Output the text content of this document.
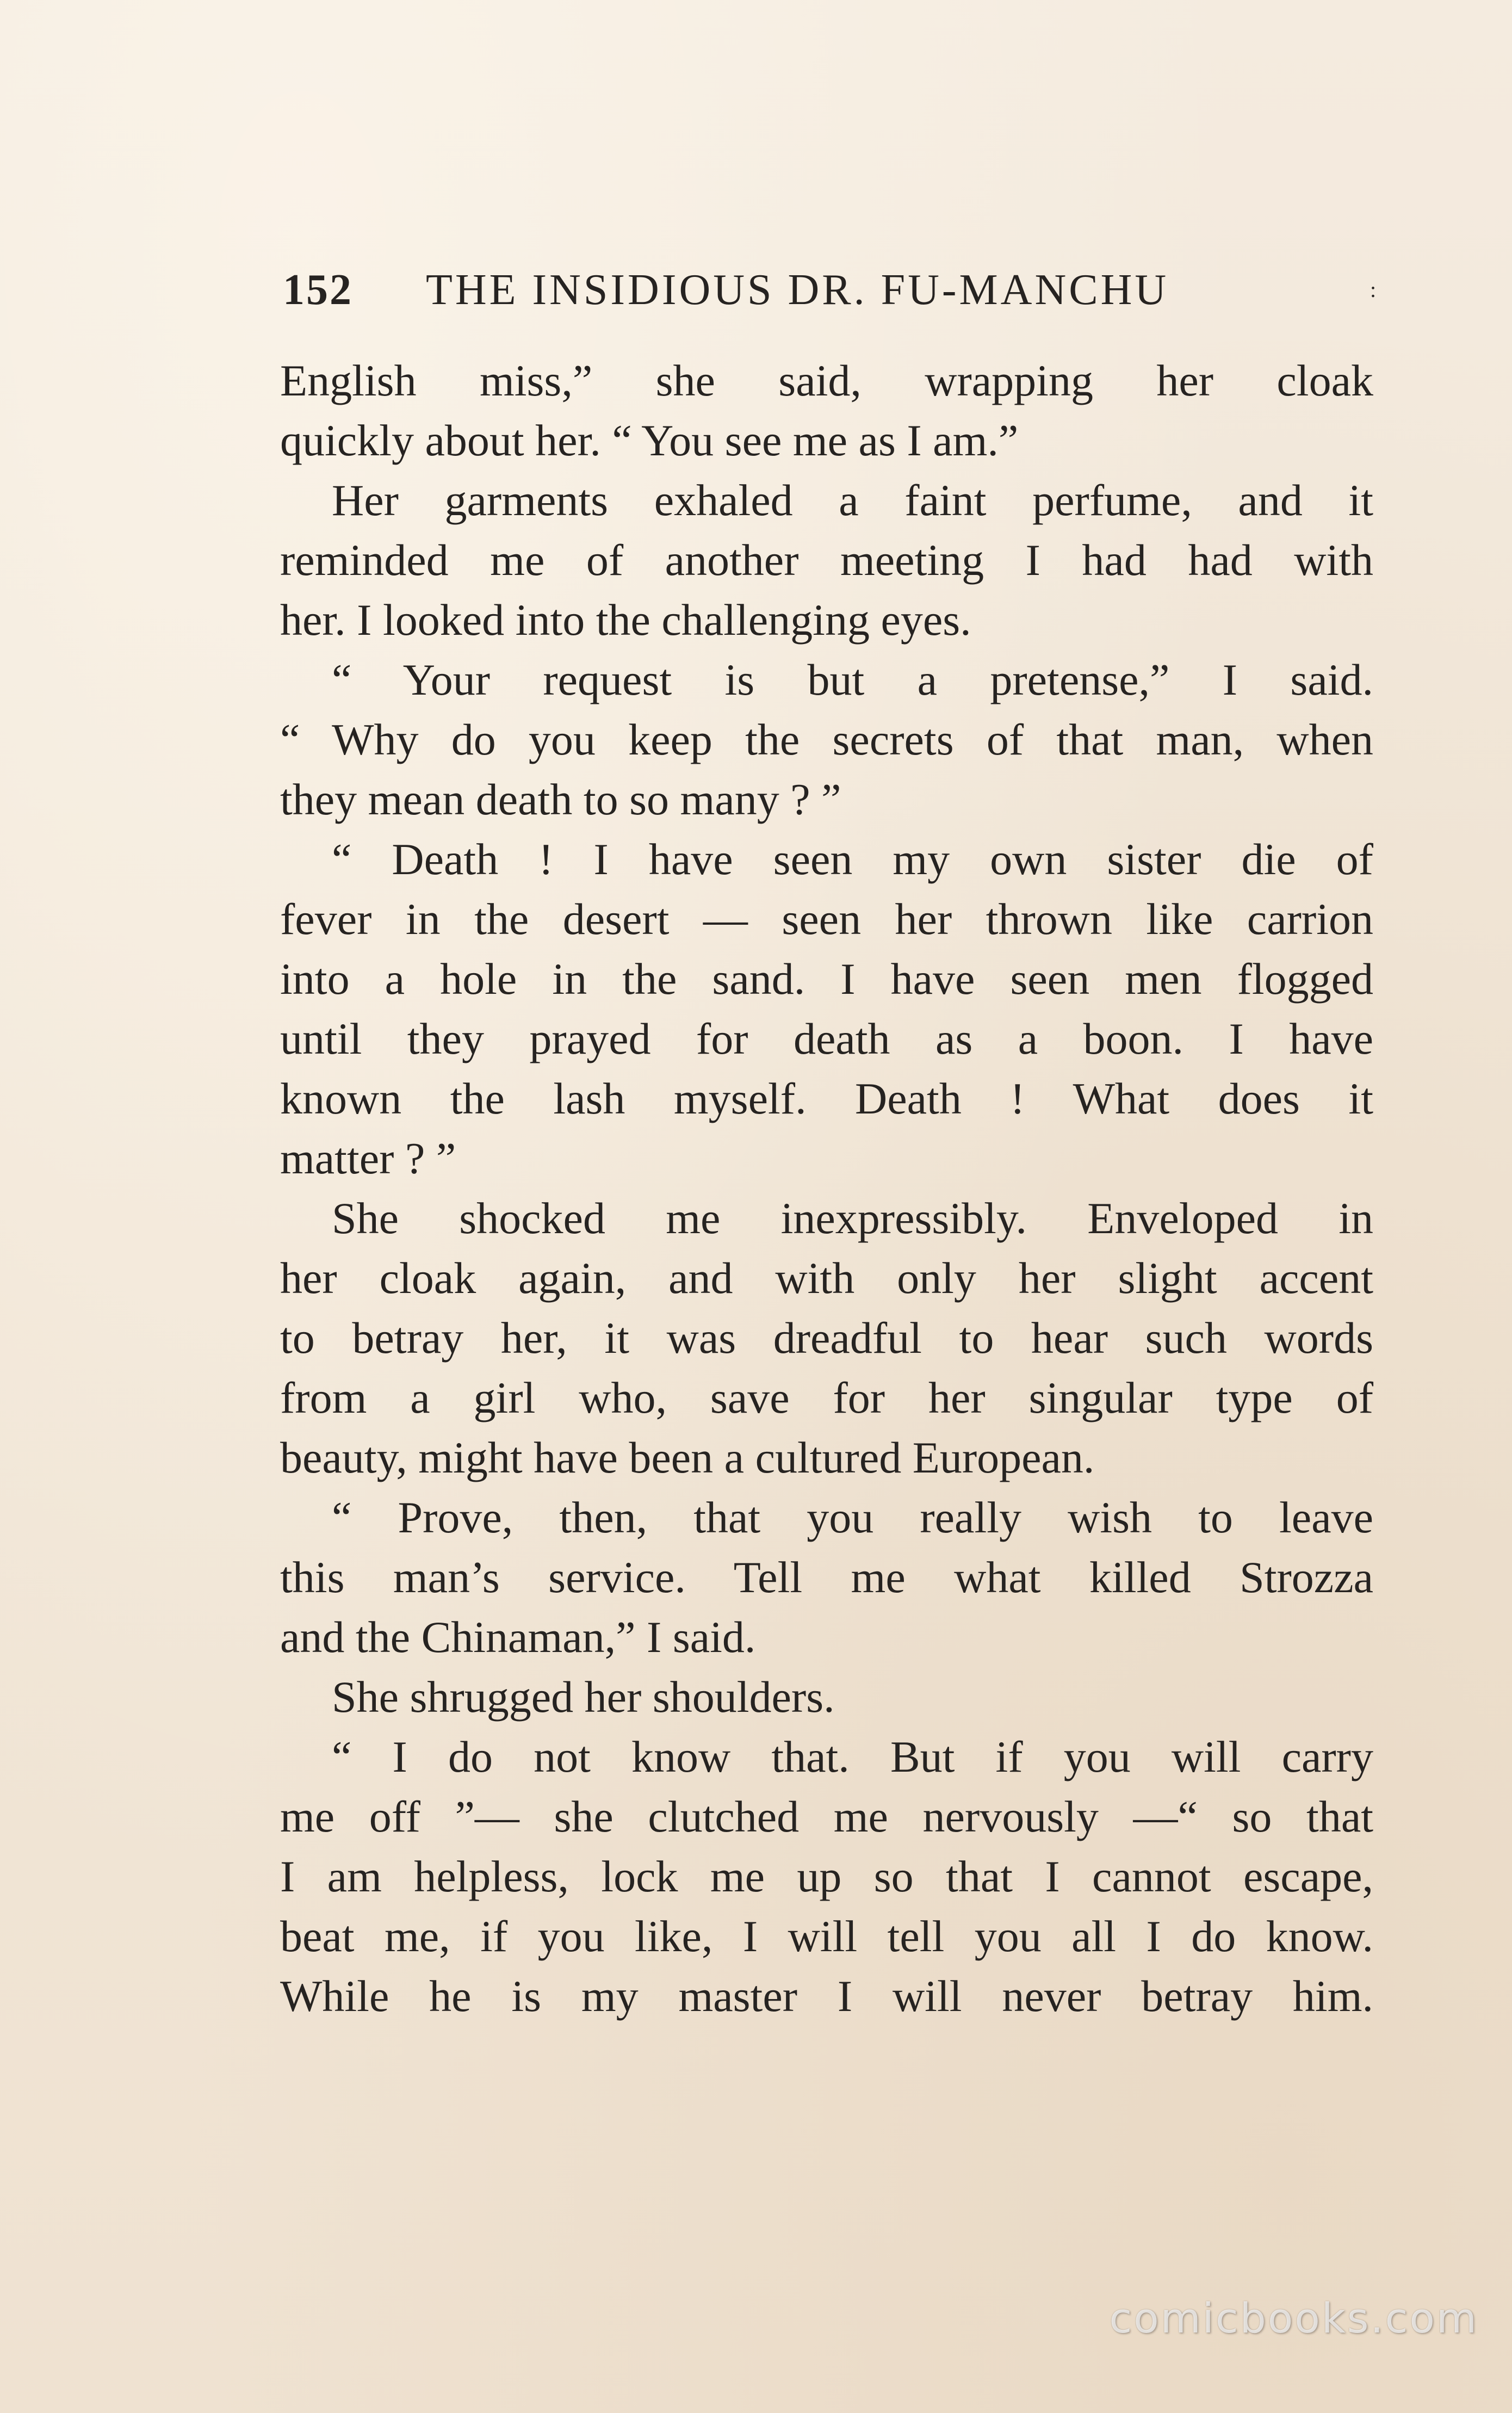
152 THE INSIDIOUS DR. FU-MANCHU	:
English miss,” she said, wrapping her cloak
quickly about her. “ You see me as I am.”
Her garments exhaled a faint perfume, and it
reminded me of another meeting I had had with
her. I looked into the challenging eyes.
“ Your request is but a pretense,” I said.
“ Why do you keep the secrets of that man, when
they mean death to so many ? ”
“ Death ! I have seen my own sister die of
fever in the desert — seen her thrown like carrion
into a hole in the sand. I have seen men flogged
until they prayed for death as a boon. I have
known the lash myself. Death ! What does it
matter ? ”
She shocked me inexpressibly. Enveloped in
her cloak again, and with only her slight accent
to betray her, it was dreadful to hear such words
from a girl who, save for her singular type of
beauty, might have been a cultured European.
“ Prove, then, that you really wish to leave
this man’s service. Tell me what killed Strozza
and the Chinaman,” I said.
She shrugged her shoulders.
“ I do not know that. But if you will carry
me off ”— she clutched me nervously —“ so that
I am helpless, lock me up so that I cannot escape,
beat me, if you like, I will tell you all I do know.
While he is my master I will never betray him.
comicbooks.com
